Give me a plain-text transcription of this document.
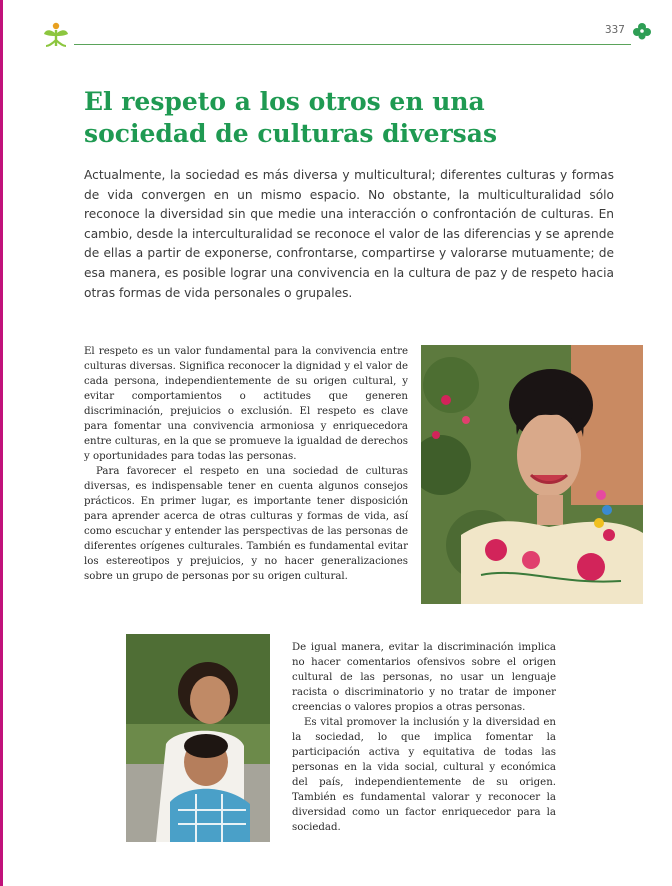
337
El respeto a los otros en una
sociedad de culturas diversas

Actualmente, la sociedad es más diversa y multicultural; diferentes culturas y formas de vida convergen en un mismo espacio. No obstante, la multiculturalidad sólo reconoce la diversidad sin que medie una interacción o confrontación de culturas. En cambio, desde la interculturalidad se reconoce el valor de las diferencias y se aprende de ellas a partir de exponerse, confrontarse, compartirse y valorarse mutuamente; de esa manera, es posible lograr una convivencia en la cultura de paz y de respeto hacia otras formas de vida personales o grupales.

El respeto es un valor fundamental para la convivencia entre culturas diversas. Significa reconocer la dignidad y el valor de cada persona, independientemente de su origen cultural, y evitar comportamientos o actitudes que generen discriminación, prejuicios o exclusión. El respeto es clave para fomentar una convivencia armoniosa y enriquecedora entre culturas, en la que se promueve la igualdad de derechos y oportunidades para todas las personas.

Para favorecer el respeto en una sociedad de culturas diversas, es indispensable tener en cuenta algunos consejos prácticos. En primer lugar, es importante tener disposición para aprender acerca de otras culturas y formas de vida, así como escuchar y entender las perspectivas de las personas de diferentes orígenes culturales. También es fundamental evitar los estereotipos y prejuicios, y no hacer generalizaciones sobre un grupo de personas por su origen cultural.

De igual manera, evitar la discriminación implica no hacer comentarios ofensivos sobre el origen cultural de las personas, no usar un lenguaje racista o discriminatorio y no tratar de imponer creencias o valores propios a otras personas.

Es vital promover la inclusión y la diversidad en la sociedad, lo que implica fomentar la participación activa y equitativa de todas las personas en la vida social, cultural y económica del país, independientemente de su origen. También es fundamental valorar y reconocer la diversidad como un factor enriquecedor para la sociedad.
